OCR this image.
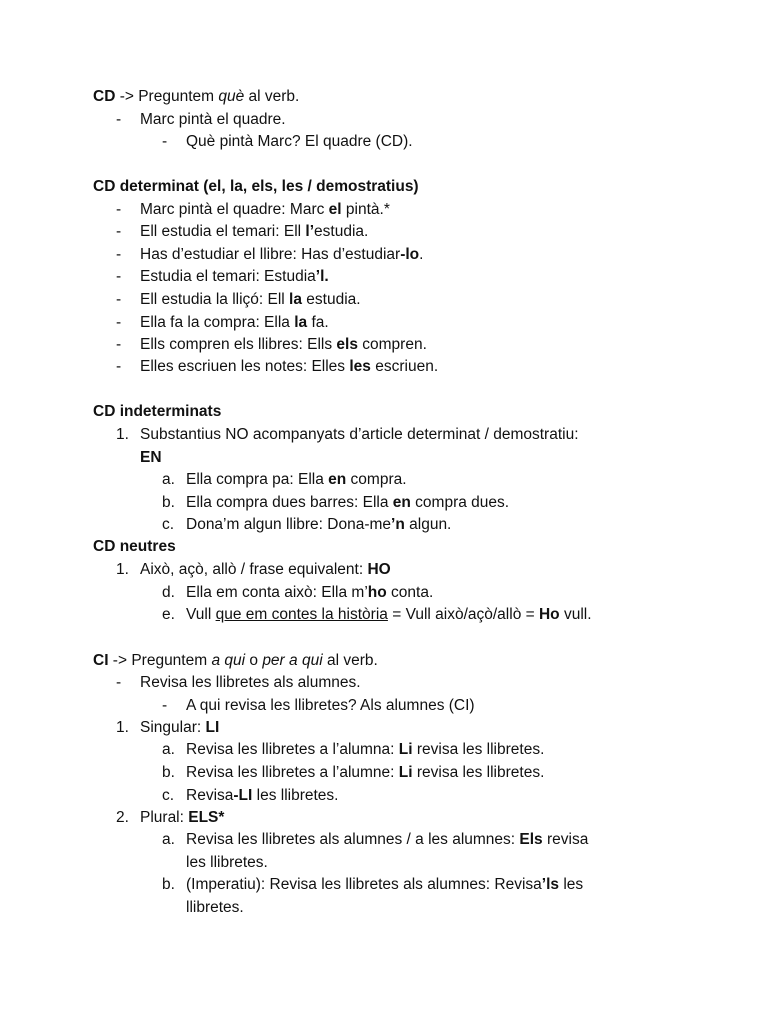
CD -> Preguntem què al verb.
- Marc pintà el quadre.
- Què pintà Marc? El quadre (CD).
CD determinat (el, la, els, les / demostratius)
- Marc pintà el quadre: Marc el pintà.*
- Ell estudia el temari: Ell l’estudia.
- Has d’estudiar el llibre: Has d’estudiar-lo.
- Estudia el temari: Estudia’l.
- Ell estudia la lliçó: Ell la estudia.
- Ella fa la compra: Ella la fa.
- Ells compren els llibres: Ells els compren.
- Elles escriuen les notes: Elles les escriuen.
CD indeterminats
1. Substantius NO acompanyats d’article determinat / demostratiu:
EN
a. Ella compra pa: Ella en compra.
b. Ella compra dues barres: Ella en compra dues.
c. Dona’m algun llibre: Dona-me’n algun.
CD neutres
1. Això, açò, allò / frase equivalent: HO
d. Ella em conta això: Ella m’ho conta.
e. Vull que em contes la història = Vull això/açò/allò = Ho vull.
CI -> Preguntem a qui o per a qui al verb.
- Revisa les llibretes als alumnes.
- A qui revisa les llibretes? Als alumnes (CI)
1. Singular: LI
a. Revisa les llibretes a l’alumna: Li revisa les llibretes.
b. Revisa les llibretes a l’alumne: Li revisa les llibretes.
c. Revisa-LI les llibretes.
2. Plural: ELS*
a. Revisa les llibretes als alumnes / a les alumnes: Els revisa
les llibretes.
b. (Imperatiu): Revisa les llibretes als alumnes: Revisa’ls les
llibretes.
